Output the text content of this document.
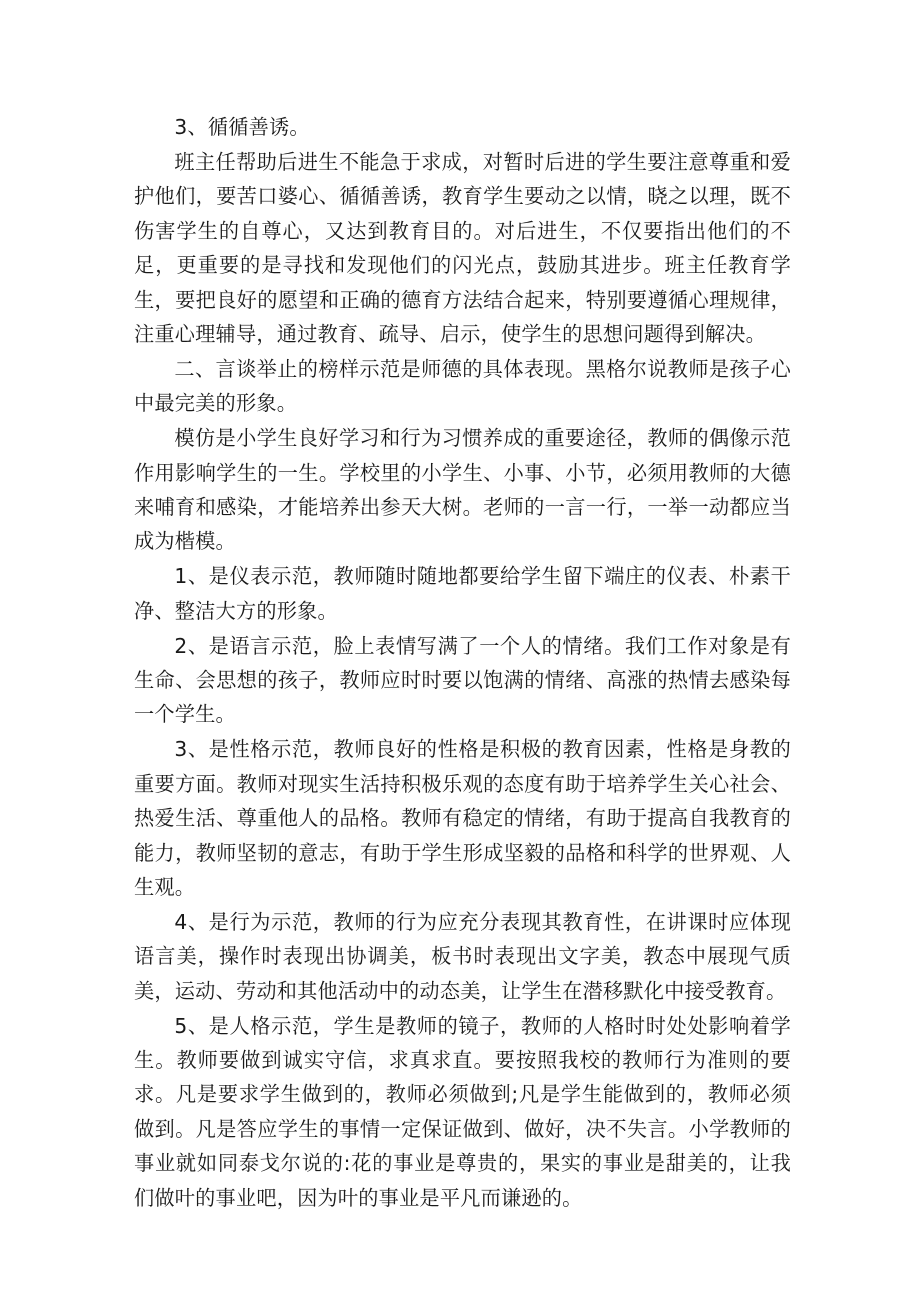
3、循循善诱。

班主任帮助后进生不能急于求成，对暂时后进的学生要注意尊重和爱护他们，要苦口婆心、循循善诱，教育学生要动之以情，晓之以理，既不伤害学生的自尊心，又达到教育目的。对后进生，不仅要指出他们的不足，更重要的是寻找和发现他们的闪光点，鼓励其进步。班主任教育学生，要把良好的愿望和正确的德育方法结合起来，特别要遵循心理规律，注重心理辅导，通过教育、疏导、启示，使学生的思想问题得到解决。

二、言谈举止的榜样示范是师德的具体表现。黑格尔说教师是孩子心中最完美的形象。

模仿是小学生良好学习和行为习惯养成的重要途径，教师的偶像示范作用影响学生的一生。学校里的小学生、小事、小节，必须用教师的大德来哺育和感染，才能培养出参天大树。老师的一言一行，一举一动都应当成为楷模。

1、是仪表示范，教师随时随地都要给学生留下端庄的仪表、朴素干净、整洁大方的形象。

2、是语言示范，脸上表情写满了一个人的情绪。我们工作对象是有生命、会思想的孩子，教师应时时要以饱满的情绪、高涨的热情去感染每一个学生。

3、是性格示范，教师良好的性格是积极的教育因素，性格是身教的重要方面。教师对现实生活持积极乐观的态度有助于培养学生关心社会、热爱生活、尊重他人的品格。教师有稳定的情绪，有助于提高自我教育的能力，教师坚韧的意志，有助于学生形成坚毅的品格和科学的世界观、人生观。

4、是行为示范，教师的行为应充分表现其教育性，在讲课时应体现语言美，操作时表现出协调美，板书时表现出文字美，教态中展现气质美，运动、劳动和其他活动中的动态美，让学生在潜移默化中接受教育。

5、是人格示范，学生是教师的镜子，教师的人格时时处处影响着学生。教师要做到诚实守信，求真求直。要按照我校的教师行为准则的要求。凡是要求学生做到的，教师必须做到;凡是学生能做到的，教师必须做到。凡是答应学生的事情一定保证做到、做好，决不失言。小学教师的事业就如同泰戈尔说的:花的事业是尊贵的，果实的事业是甜美的，让我们做叶的事业吧，因为叶的事业是平凡而谦逊的。
